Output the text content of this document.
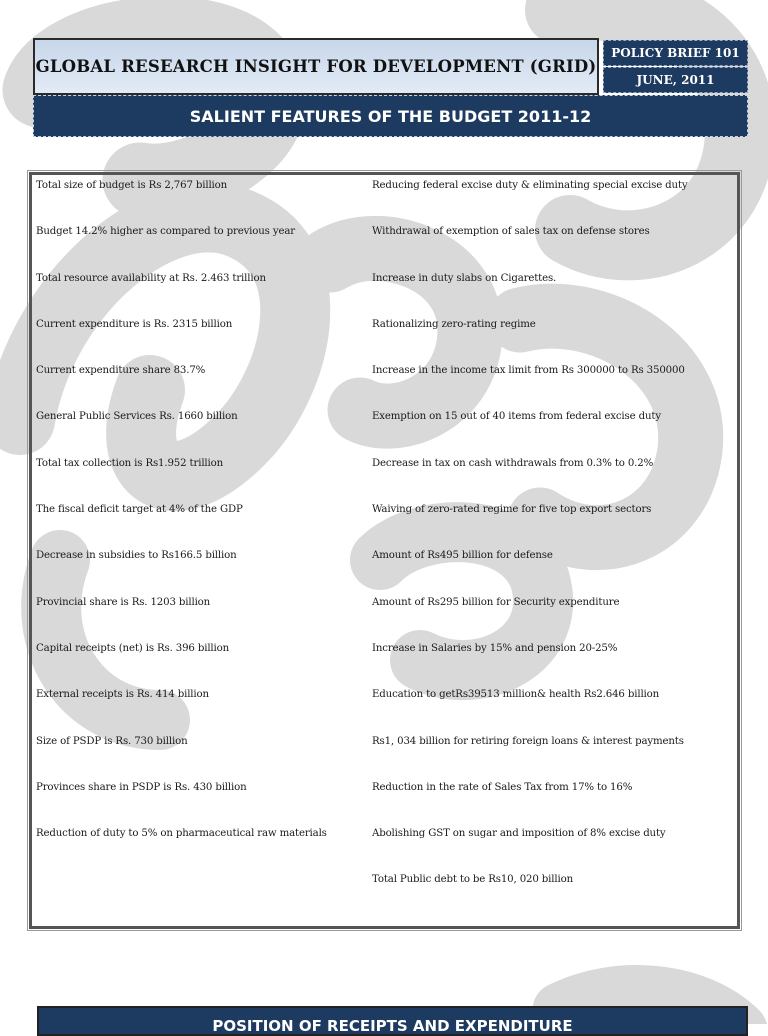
GLOBAL RESEARCH INSIGHT FOR DEVELOPMENT (GRID)
POLICY BRIEF 101
JUNE, 2011
SALIENT FEATURES OF THE BUDGET 2011-12
Total size of budget is Rs 2,767 billion
Budget 14.2% higher as compared to previous year
Total resource availability at Rs. 2.463 trillion
Current expenditure is Rs. 2315 billion
Current expenditure share 83.7%
General Public Services Rs. 1660 billion
Total tax collection is Rs1.952 trillion
The fiscal deficit target at 4% of the GDP
Decrease in subsidies to Rs166.5 billion
Provincial share is Rs. 1203 billion
Capital receipts (net) is Rs. 396 billion
External receipts is Rs. 414 billion
Size of PSDP is Rs. 730 billion
Provinces share in PSDP is Rs. 430 billion
Reduction of duty to 5% on pharmaceutical raw materials
Reducing federal excise duty & eliminating special excise duty
Withdrawal of exemption of sales tax on defense stores
Increase in duty slabs on Cigarettes.
Rationalizing zero-rating regime
Increase in the income tax limit from Rs 300000 to Rs 350000
Exemption on 15 out of 40 items from federal excise duty
Decrease in tax on cash withdrawals from 0.3% to 0.2%
Waiving of zero-rated regime for five top export sectors
Amount of Rs495 billion for defense
Amount of Rs295 billion for Security expenditure
Increase in Salaries by 15% and pension 20-25%
Education to getRs39513 million& health Rs2.646 billion
Rs1, 034 billion for retiring foreign loans & interest payments
Reduction in the rate of Sales Tax from 17% to 16%
Abolishing GST on sugar and imposition of 8% excise duty
Total Public debt to be Rs10, 020 billion
POSITION OF RECEIPTS AND EXPENDITURE
